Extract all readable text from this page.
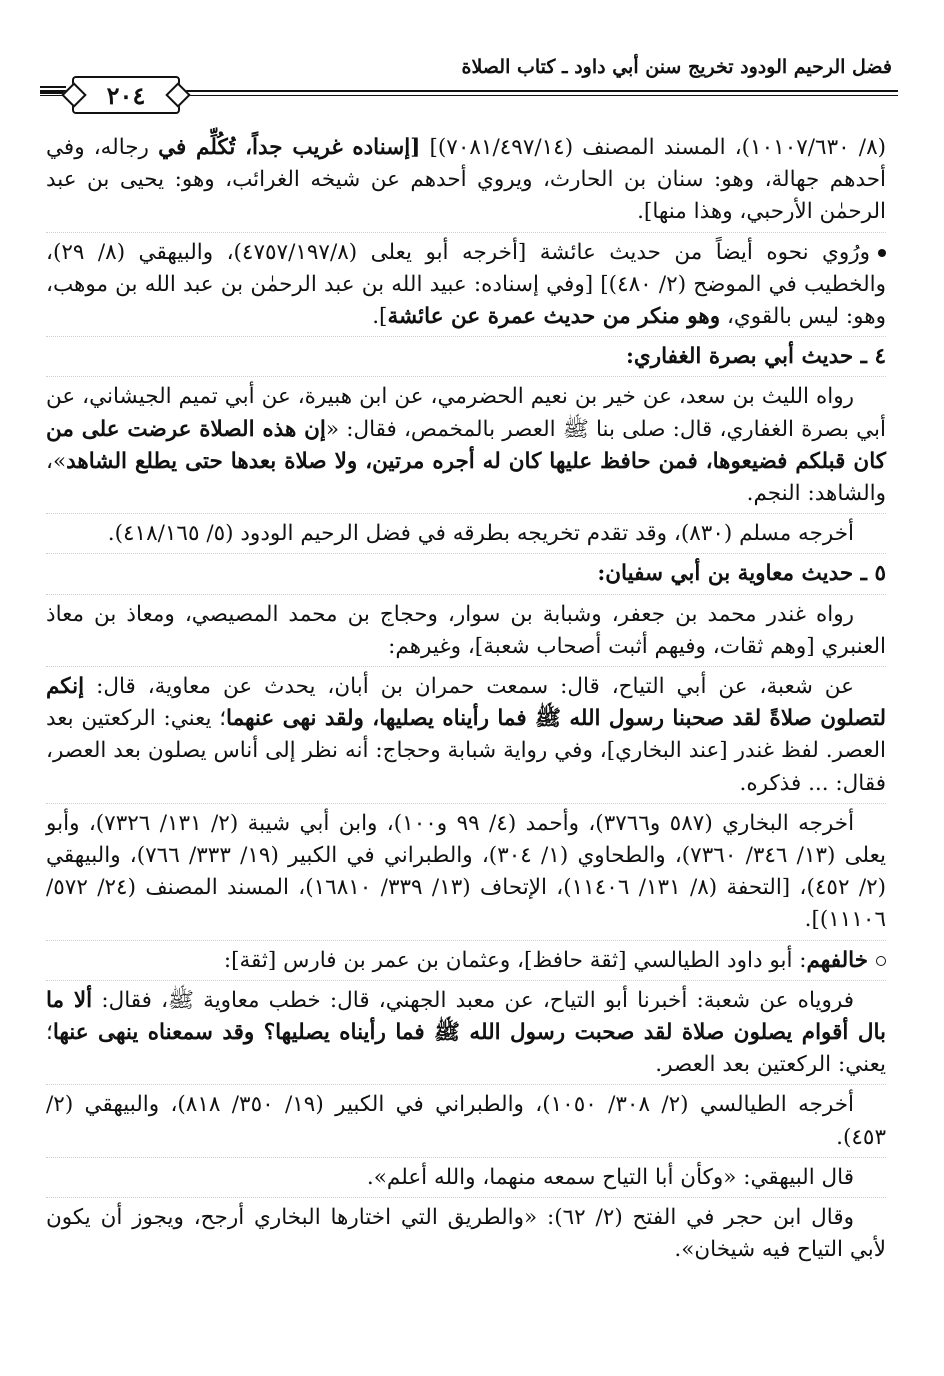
٢٠٤
فضل الرحيم الودود تخريج سنن أبي داود ـ كتاب الصلاة
(٨/ ١٠١٠٧/٦٣٠)، المسند المصنف (٧٠٨١/٤٩٧/١٤)] [إسناده غريب جداً، تُكُلِّم في رجاله، وفي أحدهم جهالة، وهو: سنان بن الحارث، ويروي أحدهم عن شيخه الغرائب، وهو: يحيى بن عبد الرحمٰن الأرحبي، وهذا منها].
ورُوي نحوه أيضاً من حديث عائشة [أخرجه أبو يعلى (٤٧٥٧/١٩٧/٨)، والبيهقي (٨/ ٢٩)، والخطيب في الموضح (٢/ ٤٨٠)] [وفي إسناده: عبيد الله بن عبد الرحمٰن بن عبد الله بن موهب، وهو: ليس بالقوي، وهو منكر من حديث عمرة عن عائشة].
٤ ـ حديث أبي بصرة الغفاري:
رواه الليث بن سعد، عن خير بن نعيم الحضرمي، عن ابن هبيرة، عن أبي تميم الجيشاني، عن أبي بصرة الغفاري، قال: صلى بنا ﷺ العصر بالمخمص، فقال: «إن هذه الصلاة عرضت على من كان قبلكم فضيعوها، فمن حافظ عليها كان له أجره مرتين، ولا صلاة بعدها حتى يطلع الشاهد»، والشاهد: النجم.
أخرجه مسلم (٨٣٠)، وقد تقدم تخريجه بطرقه في فضل الرحيم الودود (٥/ ٤١٨/١٦٥).
٥ ـ حديث معاوية بن أبي سفيان:
رواه غندر محمد بن جعفر، وشبابة بن سوار، وحجاج بن محمد المصيصي، ومعاذ بن معاذ العنبري [وهم ثقات، وفيهم أثبت أصحاب شعبة]، وغيرهم:
عن شعبة، عن أبي التياح، قال: سمعت حمران بن أبان، يحدث عن معاوية، قال: إنكم لتصلون صلاةً لقد صحبنا رسول الله ﷺ فما رأيناه يصليها، ولقد نهى عنهما؛ يعني: الركعتين بعد العصر. لفظ غندر [عند البخاري]، وفي رواية شبابة وحجاج: أنه نظر إلى أناس يصلون بعد العصر، فقال: ... فذكره.
أخرجه البخاري (٥٨٧ و٣٧٦٦)، وأحمد (٤/ ٩٩ و١٠٠)، وابن أبي شيبة (٢/ ١٣١/ ٧٣٢٦)، وأبو يعلى (١٣/ ٣٤٦/ ٧٣٦٠)، والطحاوي (١/ ٣٠٤)، والطبراني في الكبير (١٩/ ٣٣٣/ ٧٦٦)، والبيهقي (٢/ ٤٥٢)، [التحفة (٨/ ١٣١/ ١١٤٠٦)، الإتحاف (١٣/ ٣٣٩/ ١٦٨١٠)، المسند المصنف (٢٤/ ٥٧٢/ ١١١٠٦)].
خالفهم: أبو داود الطيالسي [ثقة حافظ]، وعثمان بن عمر بن فارس [ثقة]:
فروياه عن شعبة: أخبرنا أبو التياح، عن معبد الجهني، قال: خطب معاوية ﷺ، فقال: ألا ما بال أقوام يصلون صلاة لقد صحبت رسول الله ﷺ فما رأيناه يصليها؟ وقد سمعناه ينهى عنها؛ يعني: الركعتين بعد العصر.
أخرجه الطيالسي (٢/ ٣٠٨/ ١٠٥٠)، والطبراني في الكبير (١٩/ ٣٥٠/ ٨١٨)، والبيهقي (٢/ ٤٥٣).
قال البيهقي: «وكأن أبا التياح سمعه منهما، والله أعلم».
وقال ابن حجر في الفتح (٢/ ٦٢): «والطريق التي اختارها البخاري أرجح، ويجوز أن يكون لأبي التياح فيه شيخان».
